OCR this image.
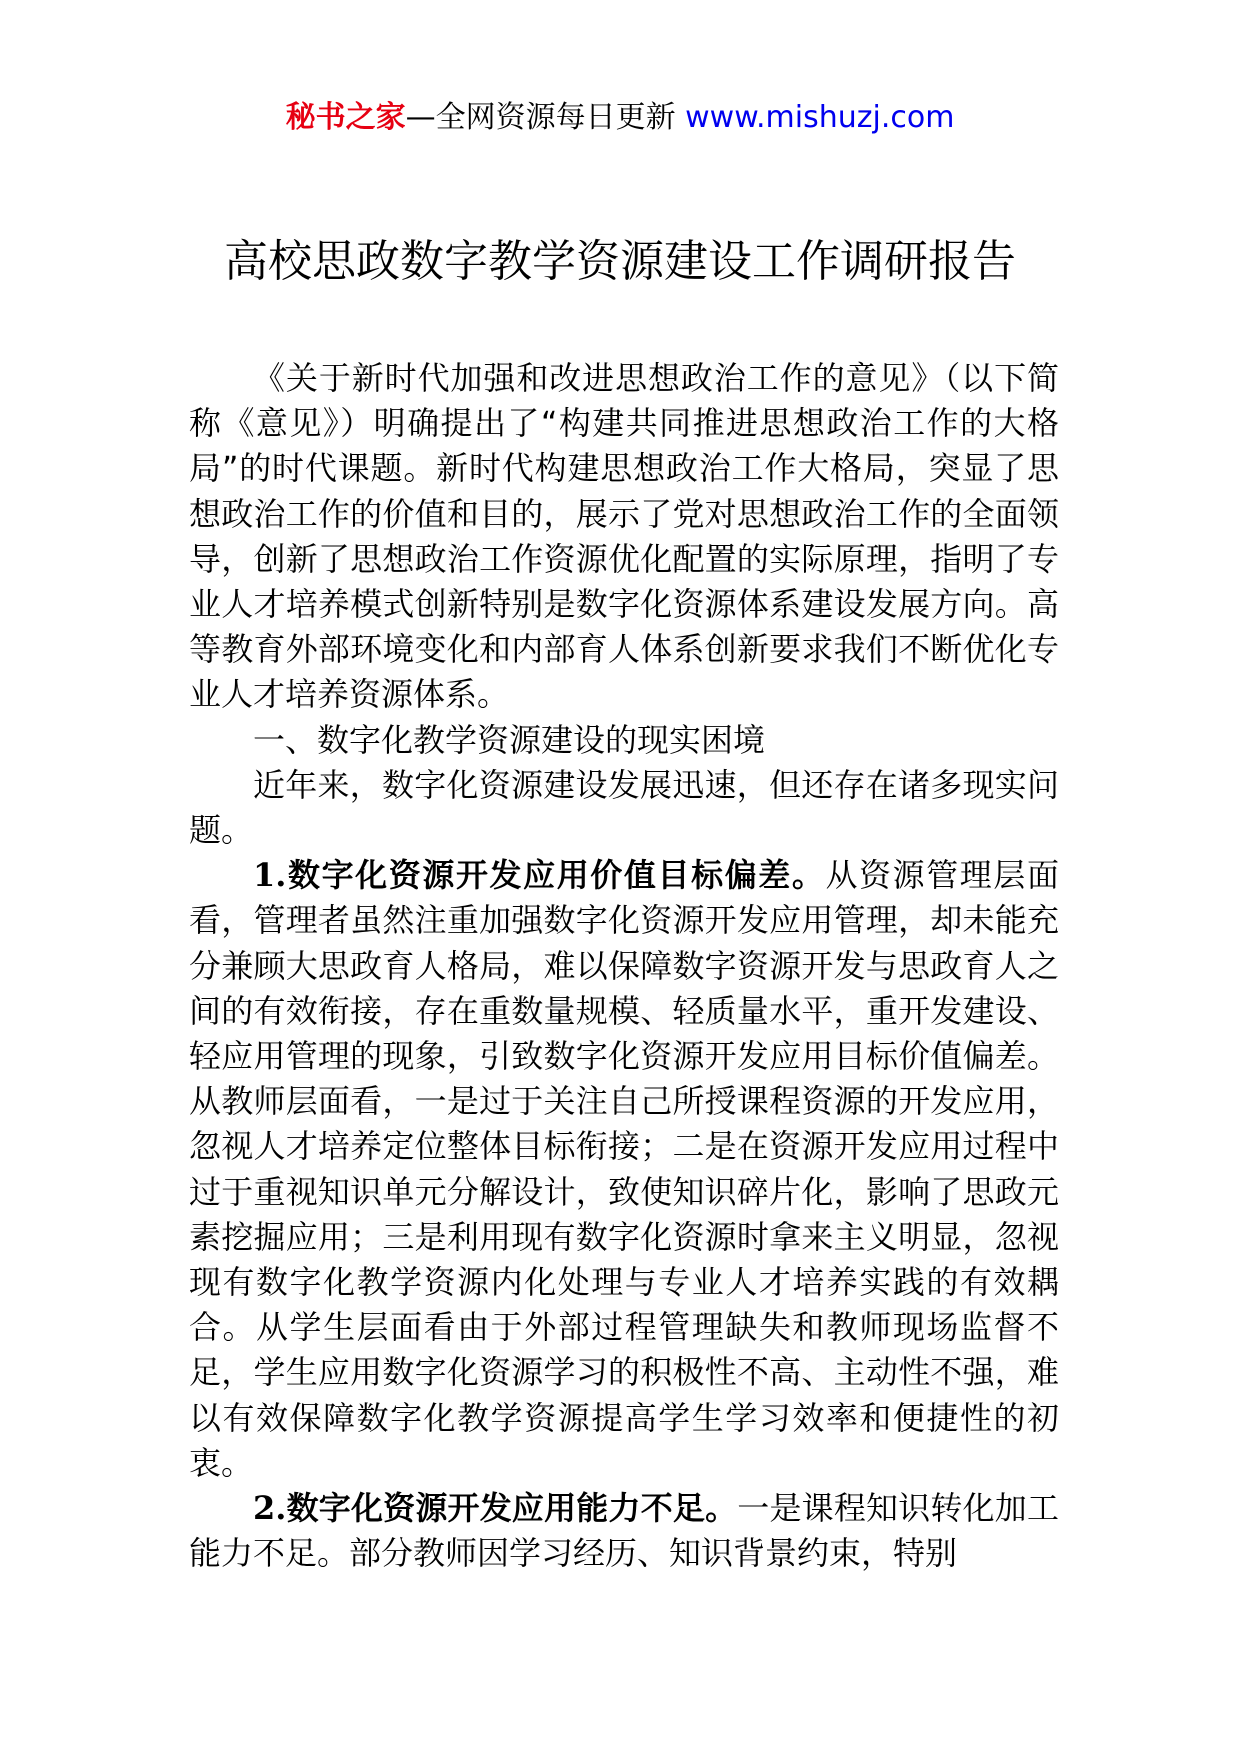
秘书之家—全网资源每日更新 www.mishuzj.com
高校思政数字教学资源建设工作调研报告

《关于新时代加强和改进思想政治工作的意见》（以下简称《意见》）明确提出了“构建共同推进思想政治工作的大格局”的时代课题。新时代构建思想政治工作大格局，突显了思想政治工作的价值和目的，展示了党对思想政治工作的全面领导，创新了思想政治工作资源优化配置的实际原理，指明了专业人才培养模式创新特别是数字化资源体系建设发展方向。高等教育外部环境变化和内部育人体系创新要求我们不断优化专业人才培养资源体系。

一、数字化教学资源建设的现实困境

近年来，数字化资源建设发展迅速，但还存在诸多现实问题。

1.数字化资源开发应用价值目标偏差。从资源管理层面看，管理者虽然注重加强数字化资源开发应用管理，却未能充分兼顾大思政育人格局，难以保障数字资源开发与思政育人之间的有效衔接，存在重数量规模、轻质量水平，重开发建设、轻应用管理的现象，引致数字化资源开发应用目标价值偏差。从教师层面看，一是过于关注自己所授课程资源的开发应用，忽视人才培养定位整体目标衔接；二是在资源开发应用过程中过于重视知识单元分解设计，致使知识碎片化，影响了思政元素挖掘应用；三是利用现有数字化资源时拿来主义明显，忽视现有数字化教学资源内化处理与专业人才培养实践的有效耦合。从学生层面看由于外部过程管理缺失和教师现场监督不足，学生应用数字化资源学习的积极性不高、主动性不强，难以有效保障数字化教学资源提高学生学习效率和便捷性的初衷。

2.数字化资源开发应用能力不足。一是课程知识转化加工能力不足。部分教师因学习经历、知识背景约束，特别
